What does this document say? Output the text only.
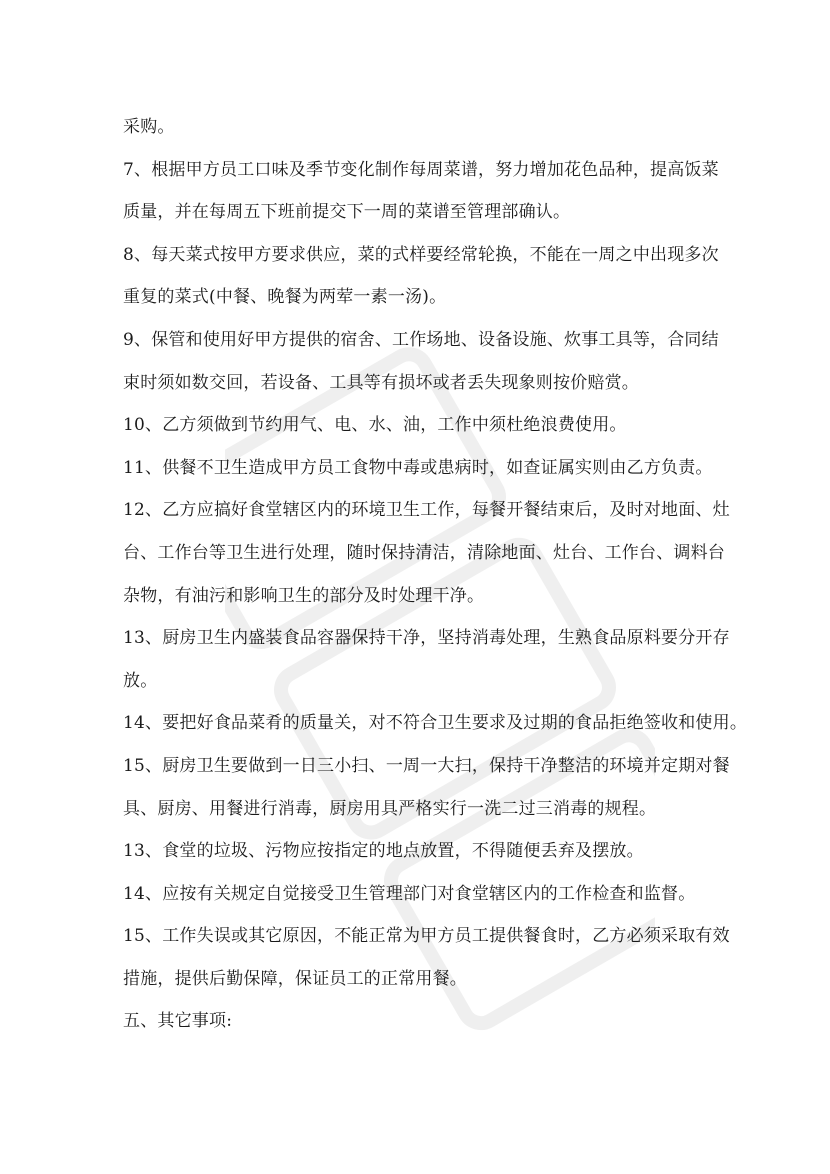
采购。

7、根据甲方员工口味及季节变化制作每周菜谱，努力增加花色品种，提高饭菜

质量，并在每周五下班前提交下一周的菜谱至管理部确认。

8、每天菜式按甲方要求供应，菜的式样要经常轮换，不能在一周之中出现多次

重复的菜式(中餐、晚餐为两荤一素一汤)。

9、保管和使用好甲方提供的宿舍、工作场地、设备设施、炊事工具等，合同结

束时须如数交回，若设备、工具等有损坏或者丢失现象则按价赔赏。

10、乙方须做到节约用气、电、水、油，工作中须杜绝浪费使用。

11、供餐不卫生造成甲方员工食物中毒或患病时，如查证属实则由乙方负责。

12、乙方应搞好食堂辖区内的环境卫生工作，每餐开餐结束后，及时对地面、灶

台、工作台等卫生进行处理，随时保持清洁，清除地面、灶台、工作台、调料台

杂物，有油污和影响卫生的部分及时处理干净。

13、厨房卫生内盛装食品容器保持干净，坚持消毒处理，生熟食品原料要分开存

放。

14、要把好食品菜肴的质量关，对不符合卫生要求及过期的食品拒绝签收和使用。

15、厨房卫生要做到一日三小扫、一周一大扫，保持干净整洁的环境并定期对餐

具、厨房、用餐进行消毒，厨房用具严格实行一洗二过三消毒的规程。

13、食堂的垃圾、污物应按指定的地点放置，不得随便丢弃及摆放。

14、应按有关规定自觉接受卫生管理部门对食堂辖区内的工作检查和监督。

15、工作失误或其它原因，不能正常为甲方员工提供餐食时，乙方必须采取有效

措施，提供后勤保障，保证员工的正常用餐。

五、其它事项:
